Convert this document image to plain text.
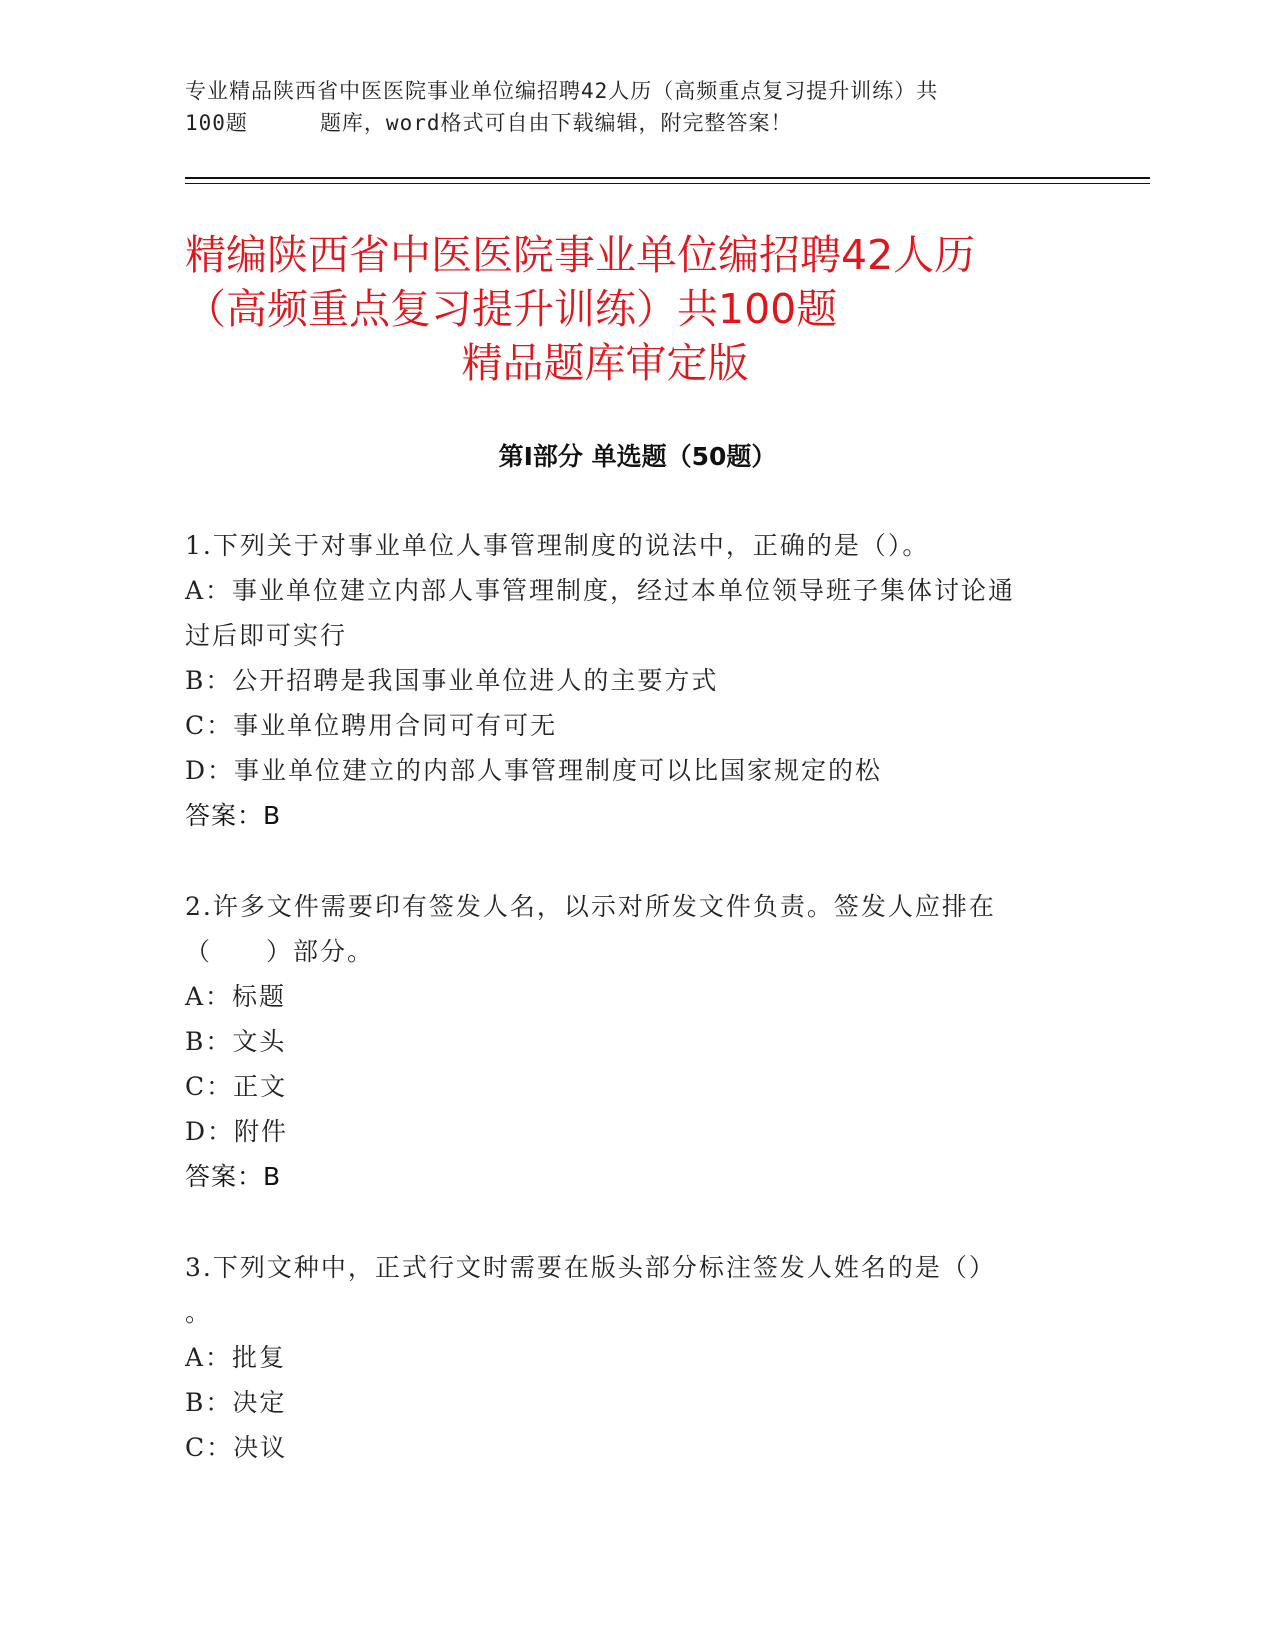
专业精品陕西省中医医院事业单位编招聘42人历（高频重点复习提升训练）共
100题	题库，word格式可自由下载编辑，附完整答案！
精编陕西省中医医院事业单位编招聘42人历
（高频重点复习提升训练）共100题

精品题库审定版
第Ⅰ部分 单选题（50题）
1.下列关于对事业单位人事管理制度的说法中，正确的是（）。
A：事业单位建立内部人事管理制度，经过本单位领导班子集体讨论通
过后即可实行
B：公开招聘是我国事业单位进人的主要方式
C：事业单位聘用合同可有可无
D：事业单位建立的内部人事管理制度可以比国家规定的松
答案：B
2.许多文件需要印有签发人名，以示对所发文件负责。签发人应排在
（　　）部分。
A：标题
B：文头
C：正文
D：附件
答案：B
3.下列文种中，正式行文时需要在版头部分标注签发人姓名的是（）
。
A：批复
B：决定
C：决议
